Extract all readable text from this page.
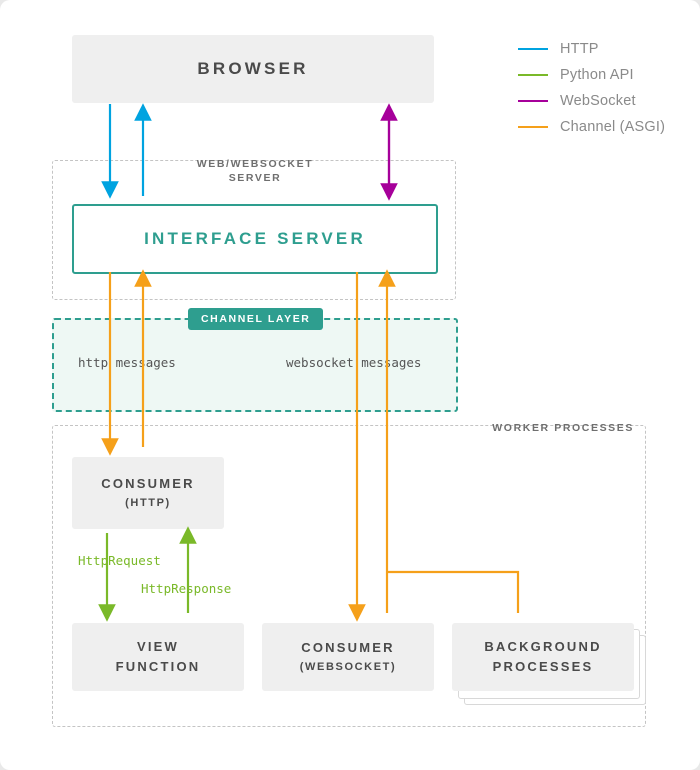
HTTP
Python API
WebSocket
Channel (ASGI)
WEB/WEBSOCKET
SERVER
WORKER PROCESSES
CHANNEL LAYER
BROWSER
INTERFACE SERVER
CONSUMER
(HTTP)
VIEW
FUNCTION
CONSUMER
(WEBSOCKET)
BACKGROUND
PROCESSES
http messages	websocket messages
HttpRequest
HttpResponse
